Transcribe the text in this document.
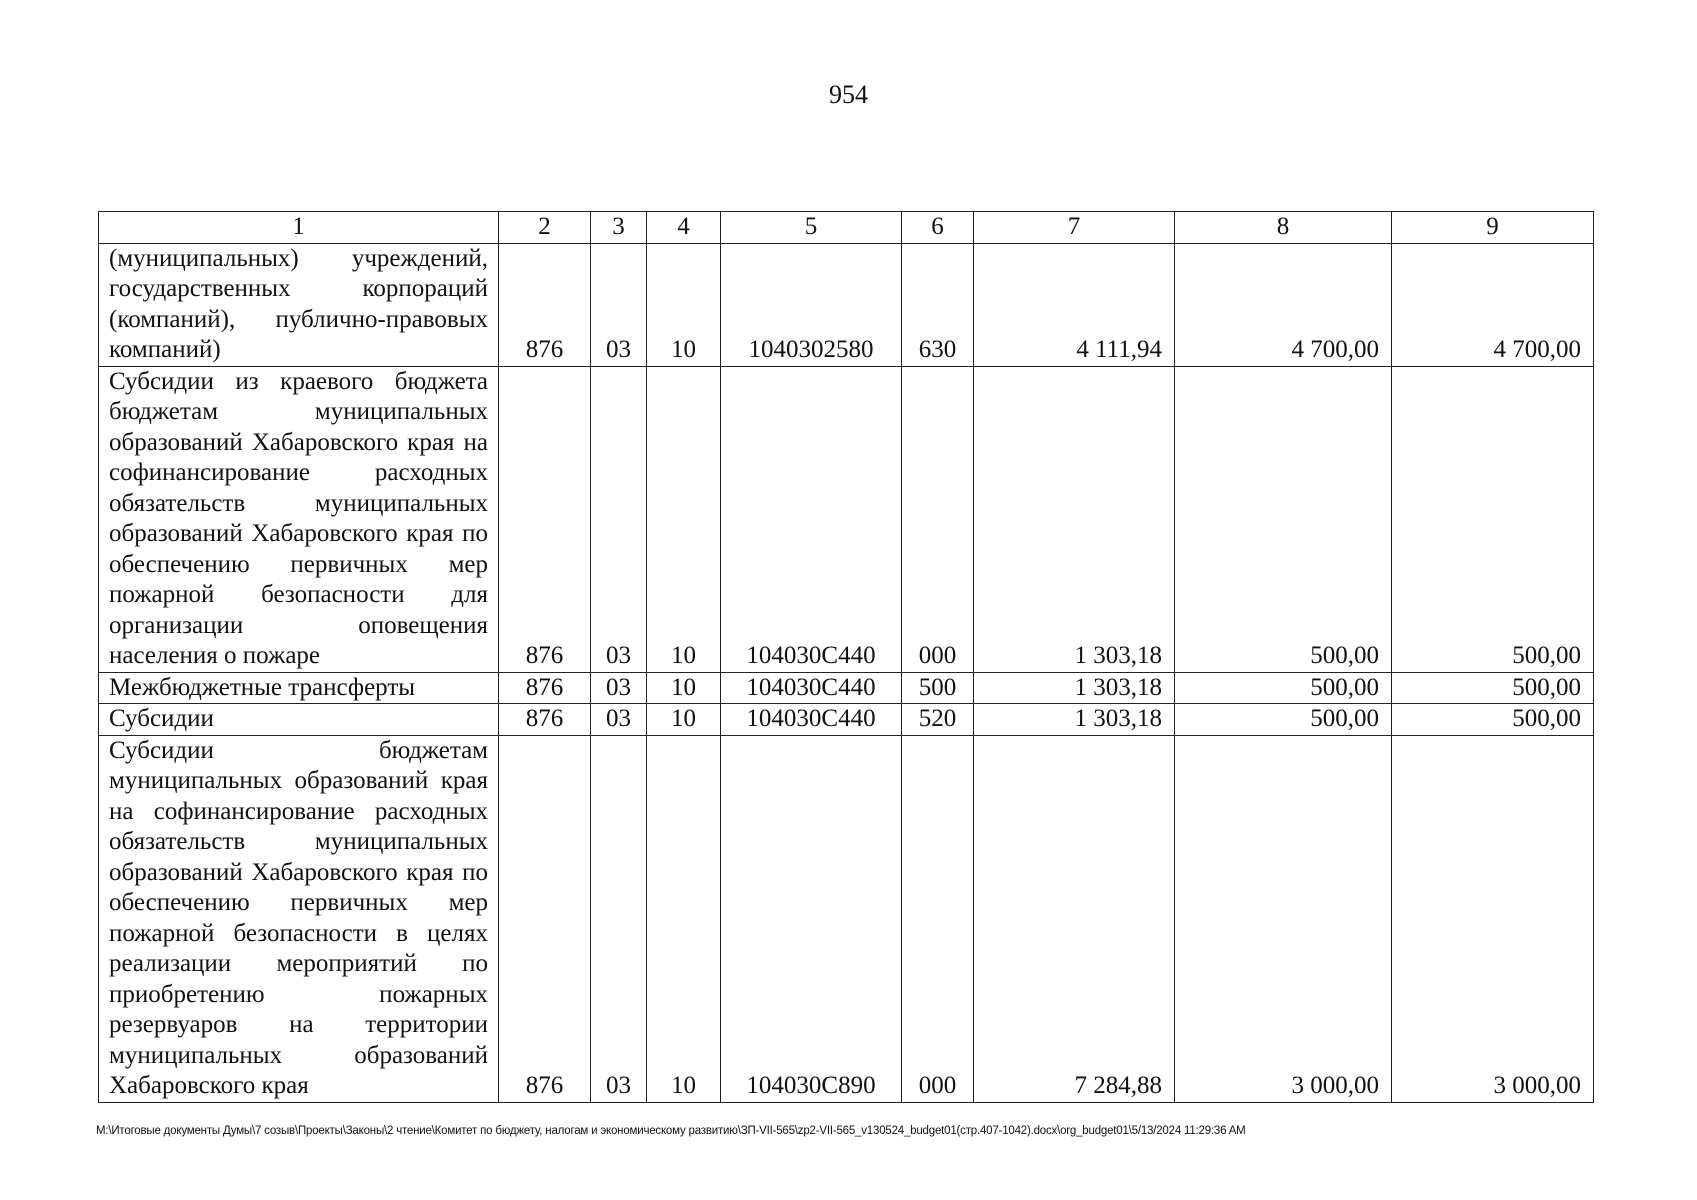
954
1	2	3	4	5	6	7	8	9
(муниципальных) учреждений, государственных корпораций (компаний), публично-правовых компаний)	876	03	10	1040302580	630	4 111,94	4 700,00	4 700,00
Субсидии из краевого бюджета бюджетам муниципальных образований Хабаровского края на софинансирование расходных обязательств муниципальных образований Хабаровского края по обеспечению первичных мер пожарной безопасности для организации оповещения населения о пожаре	876	03	10	104030С440	000	1 303,18	500,00	500,00
Межбюджетные трансферты	876	03	10	104030С440	500	1 303,18	500,00	500,00
Субсидии	876	03	10	104030С440	520	1 303,18	500,00	500,00
Субсидии бюджетам муниципальных образований края на софинансирование расходных обязательств муниципальных образований Хабаровского края по обеспечению первичных мер пожарной безопасности в целях реализации мероприятий по приобретению пожарных резервуаров на территории муниципальных образований Хабаровского края	876	03	10	104030С890	000	7 284,88	3 000,00	3 000,00
M:\Итоговые документы Думы\7 созыв\Проекты\Законы\2 чтение\Комитет по бюджету, налогам и экономическому развитию\ЗП-VII-565\zp2-VII-565_v130524_budget01(стр.407-1042).docx\org_budget01\5/13/2024 11:29:36 AM
